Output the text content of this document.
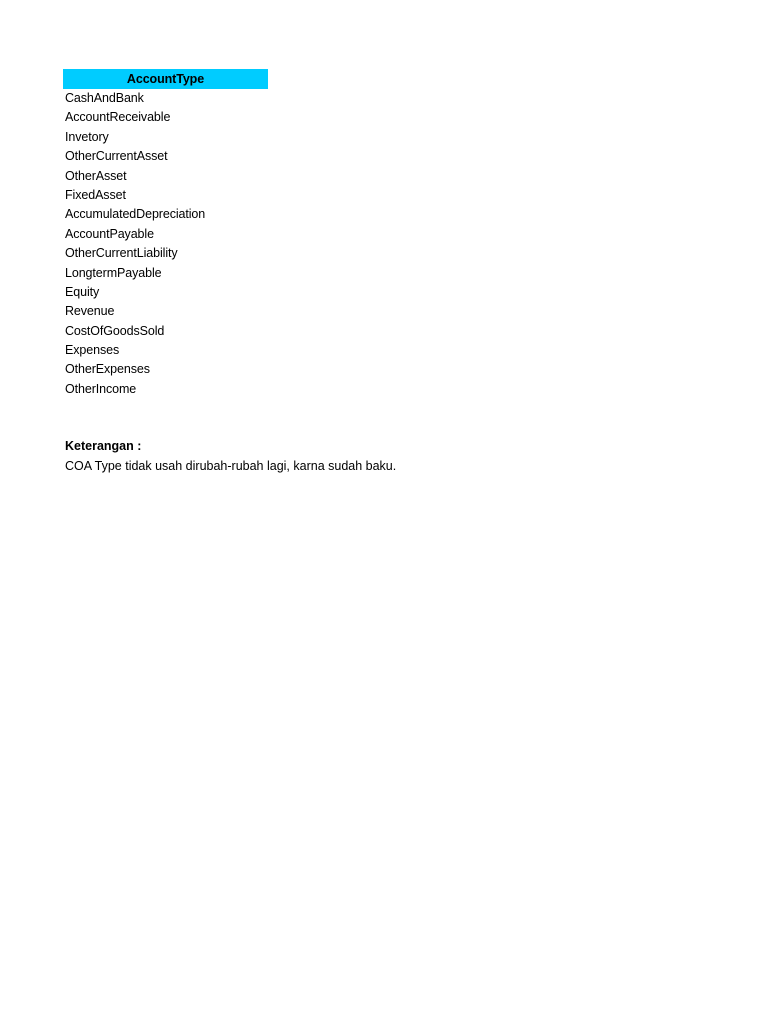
AccountType
CashAndBank
AccountReceivable
Invetory
OtherCurrentAsset
OtherAsset
FixedAsset
AccumulatedDepreciation
AccountPayable
OtherCurrentLiability
LongtermPayable
Equity
Revenue
CostOfGoodsSold
Expenses
OtherExpenses
OtherIncome
Keterangan :
COA Type tidak usah dirubah-rubah lagi, karna sudah baku.
